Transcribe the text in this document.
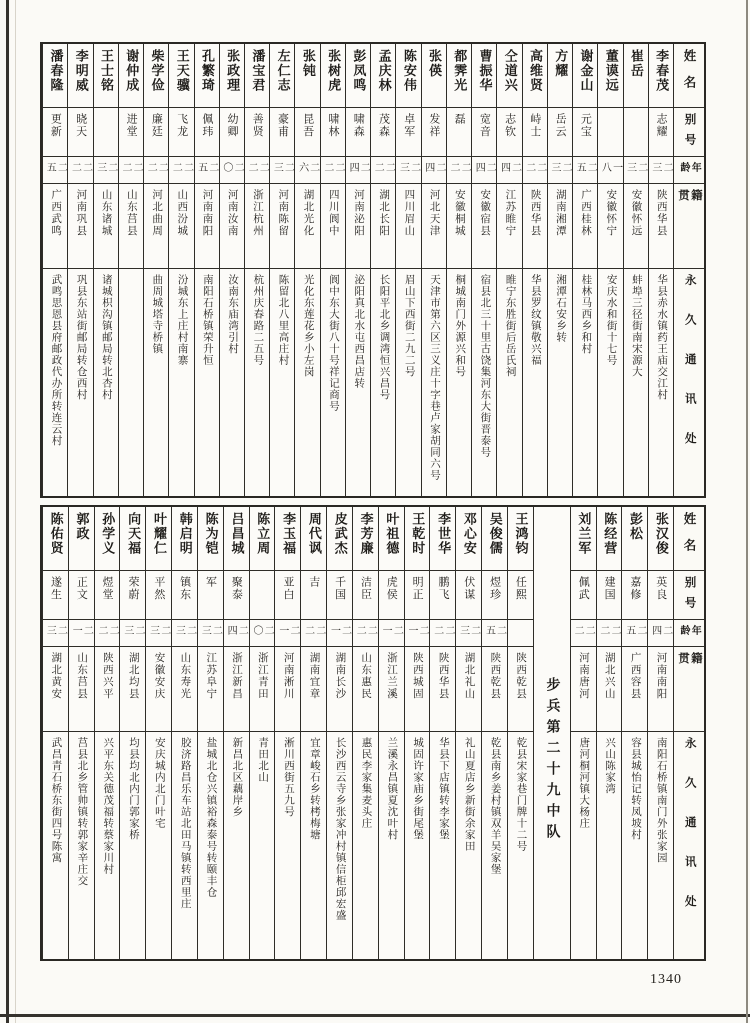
姓名
别号
年龄
籍贯
永久通讯处
李春茂
志耀
二三
陕西华县
华县赤水镇药王庙交江村
崔岳
二三
安徽怀远
蚌埠三径街南宋源大
董谟远
一八
安徽怀宁
安庆水和街十七号
谢金山
元宝
二五
广西桂林
桂林马西乡和村
方耀
岳云
二三
湖南湘潭
湘潭石安乡转
高维贤
峙士
二二
陕西华县
华县罗纹镇敬兴福
仝道兴
志钦
二四
江苏睢宁
睢宁东胜街后岳氏祠
曹振华
宽音
二四
安徽宿县
宿县北三十里古饶集河东大街晋泰号
都霁光
磊
二二
安徽桐城
桐城南门外源兴和号
张偀
发祥
二四
河北天津
天津市第六区三义庄十字巷卢家胡同六号
陈安伟
卓军
二三
四川眉山
眉山下西街二九二号
孟庆林
茂森
二二
湖北长阳
长阳平北乡调湾恒兴昌号
彭凤鸣
啸森
二四
河南泌阳
泌阳真北水屯西昌店转
张树虎
啸林
二二
四川阆中
阆中东大街八十号祥记商号
张钝
昆吾
二六
湖北光化
光化东莲花乡小左岗
左仁志
豪甫
二三
河南陈留
陈留北八里高庄村
潘宝君
善贤
二二
浙江杭州
杭州庆春路二五号
张政理
幼卿
二〇
河南汝南
汝南东庙湾引村
孔繁琦
佩玮
二五
河南南阳
南阳石桥镇荣升恒
王天骥
飞龙
二二
山西汾城
汾城东上庄村南寨
柴学俭
廉廷
二二
河北曲周
曲周城塔寺桥镇
谢仲成
进堂
二二
山东莒县
王士铭
二三
山东诸城
诸城枳沟镇邮局转北杏村
李明威
晓天
二二
河南巩县
巩县东站街邮局转仓西村
潘春隆
更新
二五
广西武鸣
武鸣思恩县府邮政代办所转连云村
姓名
别号
年龄
籍贯
永久通讯处
张汉俊
英良
二四
河南南阳
南阳石桥镇南门外张家园
彭松
嘉修
二五
广西容县
容县城怡记转凤坡村
陈经营
建国
二二
湖北兴山
兴山陈家湾
刘兰军
佩武
二二
河南唐河
唐河桐河镇大杨庄
步兵第二十九中队
王鸿钧
任熙
陕西乾县
乾县宋家巷门牌十二号
吴俊儒
煜珍
二五
陕西乾县
乾县南乡姜村镇双羊吴家堡
邓心安
伏谋
二三
湖北礼山
礼山夏店乡新街余家田
李世华
鹏飞
二二
陕西华县
华县下店镇转李家堡
王乾时
明正
二一
陕西城固
城固许家庙乡街尾堡
叶祖德
虎侯
二一
浙江兰溪
兰溪永昌镇夏沈叶村
李芳廉
洁臣
二二
山东惠民
惠民李家集麦头庄
皮武杰
千国
二一
湖南长沙
长沙西云寺乡张家冲村镇信柜邱宏盛
周代讽
吉
二二
湖南宜章
宜章峻石乡转栲梅塘
李玉福
亚白
二一
河南淅川
淅川西街五九号
陈立周
二〇
浙江青田
青田北山
吕昌城
聚泰
二四
浙江新昌
新昌北区藕岸乡
陈为铠
军
二三
江苏阜宁
盐城北仓兴镇裕森泰号转颐丰仓
韩启明
镇东
二三
山东寿光
胶济路昌乐车站北田马镇转西里庄
叶耀仁
平然
二三
安徽安庆
安庆城内北门叶宅
向天福
荣蔚
二三
湖北均县
均县均北内门郭家桥
孙学义
煜堂
二二
陕西兴平
兴平东关德茂福转蔡家川村
郭政
正文
二一
山东莒县
莒县北乡管帅镇转郭家辛庄交
陈佑贤
遂生
二三
湖北黄安
武昌青石桥东街四号陈寓
1340
